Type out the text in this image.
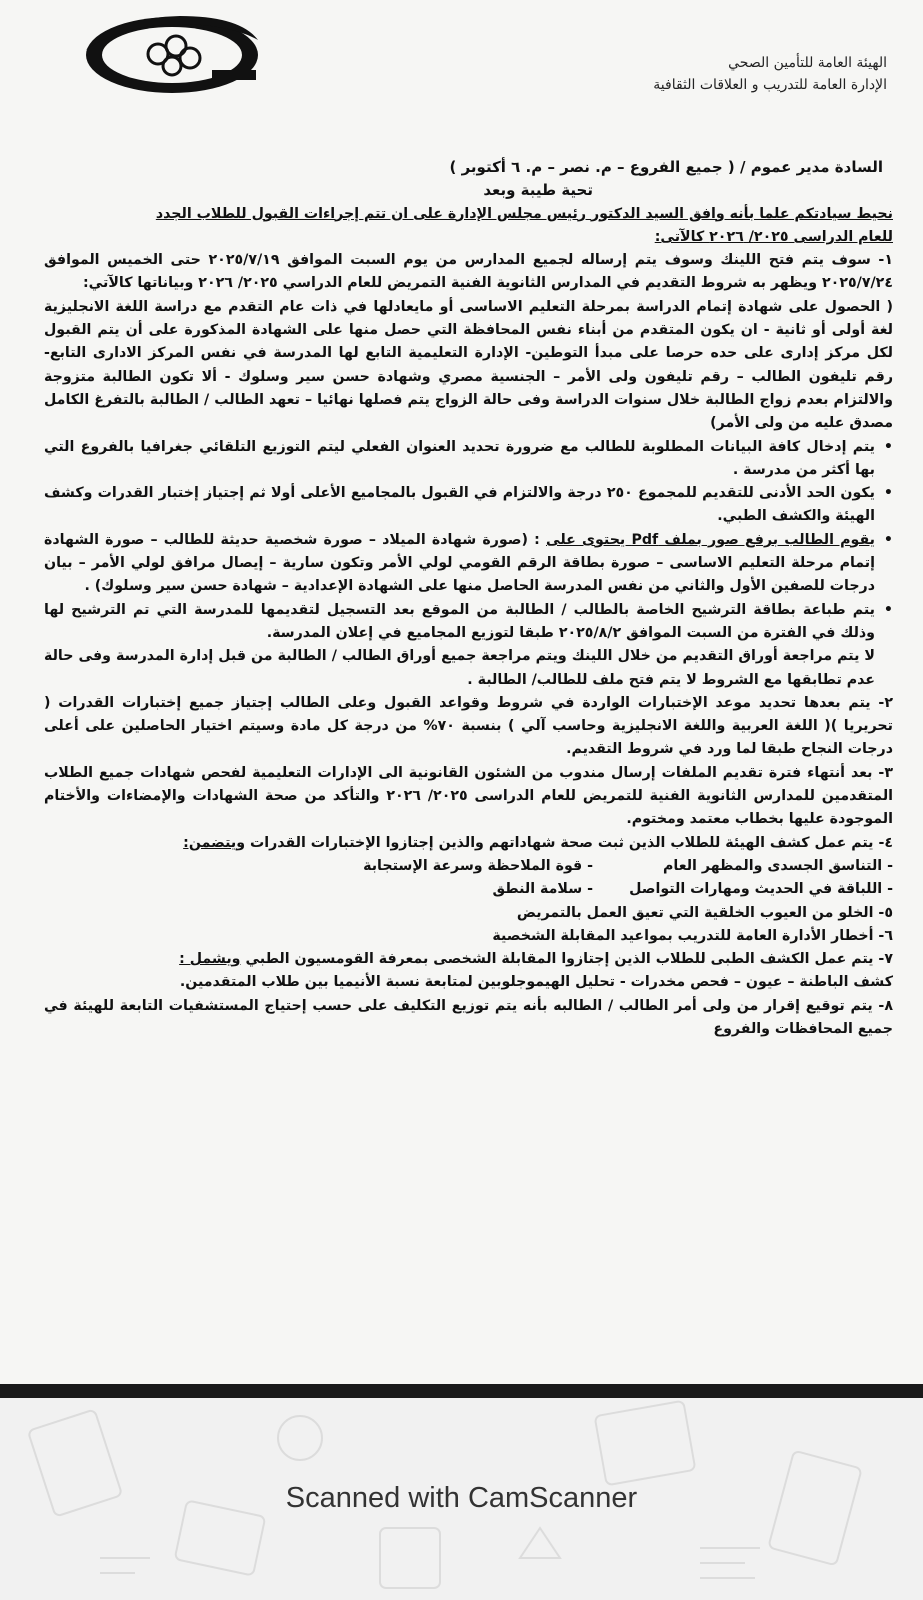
الهيئة العامة للتأمين الصحي
الإدارة العامة للتدريب و العلاقات الثقافية

السادة مدير عموم / ( جميع الفروع – م. نصر – م. ٦ أكتوبر )

تحية طيبة وبعد

نحيط سيادتكم علما بأنه وافق السيد الدكتور رئيس مجلس الإدارة على ان تتم إجراءات القبول للطلاب الجدد

للعام الدراسى ٢٠٢٥/ ٢٠٢٦ كالآتى:

١- سوف يتم فتح اللينك وسوف يتم إرساله لجميع المدارس من يوم السبت الموافق ٢٠٢٥/٧/١٩ حتى الخميس الموافق ٢٠٢٥/٧/٢٤ ويظهر به شروط التقديم في المدارس الثانوية الفنية التمريض للعام الدراسي ٢٠٢٥/ ٢٠٢٦ وبياناتها كالآتي:

( الحصول على شهادة إتمام الدراسة بمرحلة التعليم الاساسى أو مايعادلها في ذات عام التقدم مع دراسة اللغة الانجليزية لغة أولى أو ثانية - ان يكون المتقدم من أبناء نفس المحافظة التي حصل منها على الشهادة المذكورة على أن يتم القبول لكل مركز إدارى على حده حرصا على مبدأ التوطين- الإدارة التعليمية التابع لها المدرسة في نفس المركز الادارى التابع- رقم تليفون الطالب – رقم تليفون ولى الأمر – الجنسية مصري وشهادة حسن سير وسلوك - ألا تكون الطالبة متزوجة والالتزام بعدم زواج الطالبة خلال سنوات الدراسة وفى حالة الزواج يتم فصلها نهائيا – تعهد الطالب / الطالبة بالتفرغ الكامل مصدق عليه من ولى الأمر)

• يتم إدخال كافة البيانات المطلوبة للطالب مع ضرورة تحديد العنوان الفعلي ليتم التوزيع التلقائي جغرافيا بالفروع التي بها أكثر من مدرسة .

• يكون الحد الأدنى للتقديم للمجموع ٢٥٠ درجة والالتزام في القبول بالمجاميع الأعلى أولا ثم إجتياز إختبار القدرات وكشف الهيئة والكشف الطبي.

• يقوم الطالب برفع صور بملف Pdf يحتوى على : (صورة شهادة الميلاد – صورة شخصية حديثة للطالب – صورة الشهادة إتمام مرحلة التعليم الاساسى – صورة بطاقة الرقم القومي لولي الأمر وتكون سارية – إيصال مرافق لولي الأمر – بيان درجات للصفين الأول والثاني من نفس المدرسة الحاصل منها على الشهادة الإعدادية – شهادة حسن سير وسلوك) .

• يتم طباعة بطاقة الترشيح الخاصة بالطالب / الطالبة من الموقع بعد التسجيل لتقديمها للمدرسة التي تم الترشيح لها وذلك في الفترة من السبت الموافق ٢٠٢٥/٨/٢ طبقا لتوزيع المجاميع في إعلان المدرسة.

لا يتم مراجعة أوراق التقديم من خلال اللينك ويتم مراجعة جميع أوراق الطالب / الطالبة من قبل إدارة المدرسة وفى حالة عدم تطابقها مع الشروط لا يتم فتح ملف للطالب/ الطالبة .

٢- يتم بعدها تحديد موعد الإختبارات الواردة في شروط وقواعد القبول وعلى الطالب إجتياز جميع إختبارات القدرات ( تحريريا )( اللغة العربية واللغة الانجليزية وحاسب آلي ) بنسبة ٧٠% من درجة كل مادة وسيتم اختيار الحاصلين على أعلى درجات النجاح طبقا لما ورد في شروط التقديم.

٣- بعد أنتهاء فترة تقديم الملفات إرسال مندوب من الشئون القانونية الى الإدارات التعليمية لفحص شهادات جميع الطلاب المتقدمين للمدارس الثانوية الفنية للتمريض للعام الدراسى ٢٠٢٥/ ٢٠٢٦ والتأكد من صحة الشهادات والإمضاءات والأختام الموجودة عليها بخطاب معتمد ومختوم.

٤- يتم عمل كشف الهيئة للطلاب الذين ثبت صحة شهاداتهم والذين إجتازوا الإختبارات القدرات ويتضمن:

- التناسق الجسدى والمظهر العام
- قوة الملاحظة وسرعة الإستجابة
- اللباقة في الحديث ومهارات التواصل
- سلامة النطق

٥- الخلو من العيوب الخلقية التي تعيق العمل بالتمريض

٦- أخطار الأدارة العامة للتدريب بمواعيد المقابلة الشخصية

٧- يتم عمل الكشف الطبى للطلاب الذين إجتازوا المقابلة الشخصى بمعرفة القومسيون الطبي ويشمل :

كشف الباطنة – عيون – فحص مخدرات - تحليل الهيموجلوبين لمتابعة نسبة الأنيميا بين طلاب المتقدمين.

٨- يتم توقيع إقرار من ولى أمر الطالب / الطالبه بأنه يتم توزيع التكليف على حسب إحتياج المستشفيات التابعة للهيئة في جميع المحافظات والفروع

Scanned with CamScanner
